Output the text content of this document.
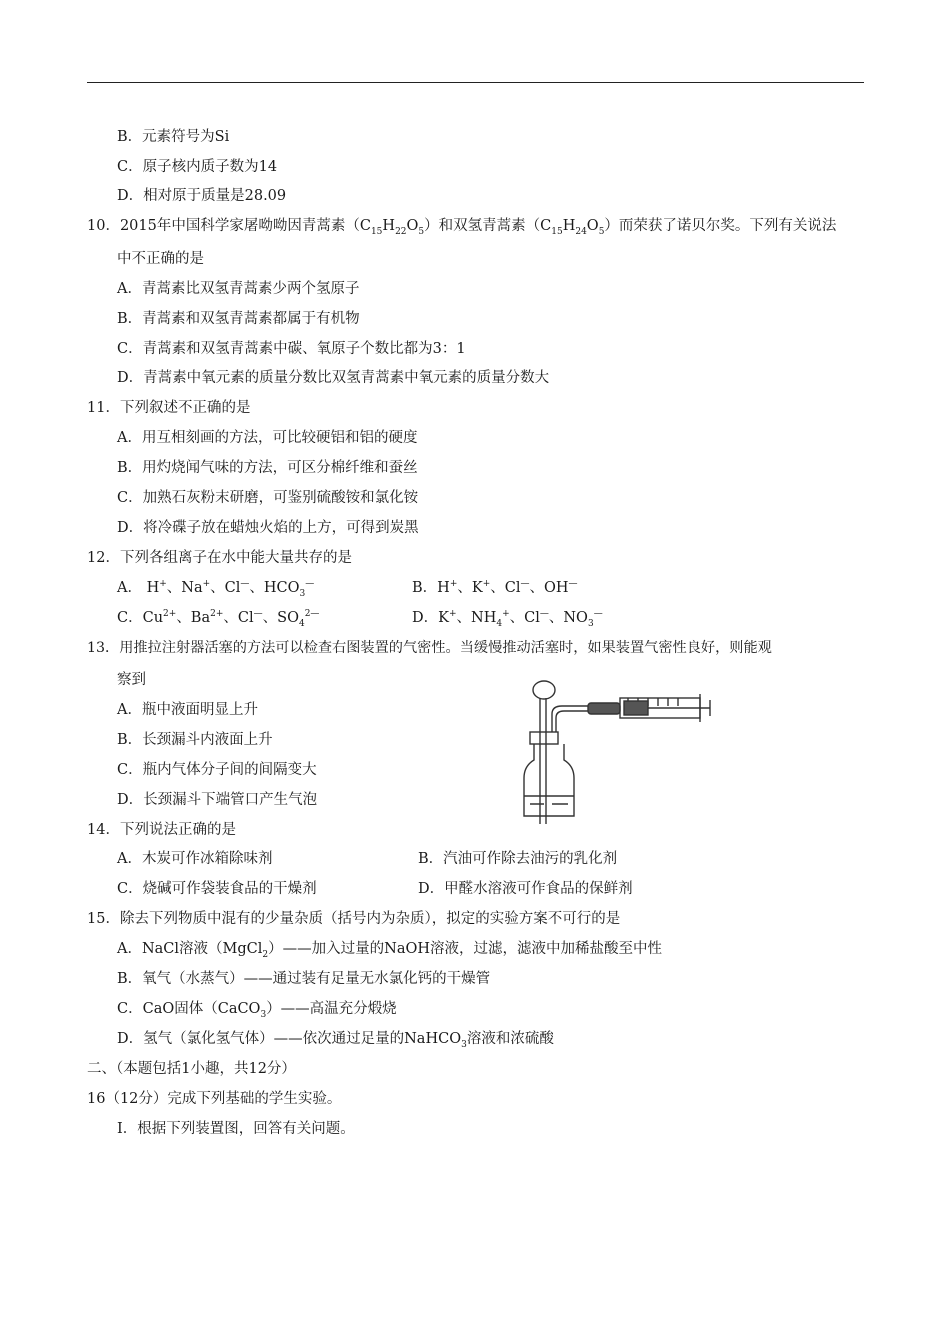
B．元素符号为Si
C．原子核内质子数为14
D．相对原于质量是28.09
10．2015年中国科学家屠呦呦因青蒿素$(C_{15}H_{22}O_5)$和双氢青蒿素$(C_{15}H_{24}O_5)$而荣获了诺贝尔奖。下列有关说法
中不正确的是
A．青蒿素比双氢青蒿素少两个氢原子
B．青蒿素和双氢青蒿素都属于有机物
C．青蒿素和双氢青蒿素中碳、氧原子个数比都为3：1
D．青蒿素中氧元素的质量分数比双氢青蒿素中氧元素的质量分数大
11．下列叙述不正确的是
A．用互相刻画的方法，可比较硬铝和铝的硬度
B．用灼烧闻气味的方法，可区分棉纤维和蚕丝
C．加熟石灰粉末研磨，可鉴别硫酸铵和氯化铵
D．将冷碟子放在蜡烛火焰的上方，可得到炭黑
12．下列各组离子在水中能大量共存的是
A． H+、Na+、Cl—、$HCO_3^—$	B．H+、K+、Cl—、OH—
C．$Cu^{2+}$、$Ba^{2+}$、Cl—、$SO_4^{2—}$	D．K+、$NH_4^+$、Cl—、$NO_3^—$
13．用推拉注射器活塞的方法可以检查右图装置的气密性。当缓慢推动活塞时，如果装置气密性良好，则能观
察到
A．瓶中液面明显上升
B．长颈漏斗内液面上升
C．瓶内气体分子间的间隔变大
D．长颈漏斗下端管口产生气泡
14．下列说法正确的是
A．木炭可作冰箱除味剂	B．汽油可作除去油污的乳化剂
C．烧碱可作袋装食品的干燥剂	D．甲醛水溶液可作食品的保鲜剂
15．除去下列物质中混有的少量杂质（括号内为杂质），拟定的实验方案不可行的是
A．NaCl溶液（MgCl$_2$）——加入过量的NaOH溶液，过滤，滤液中加稀盐酸至中性
B．氧气（水蒸气）——通过装有足量无水氯化钙的干燥管
C．CaO固体（CaCO$_3$）——高温充分煅烧
D．氢气（氯化氢气体）——依次通过足量的NaHCO$_3$溶液和浓硫酸
二、（本题包括1小趣，共12分）
16（12分）完成下列基础的学生实验。
I．根据下列装置图，回答有关问题。
